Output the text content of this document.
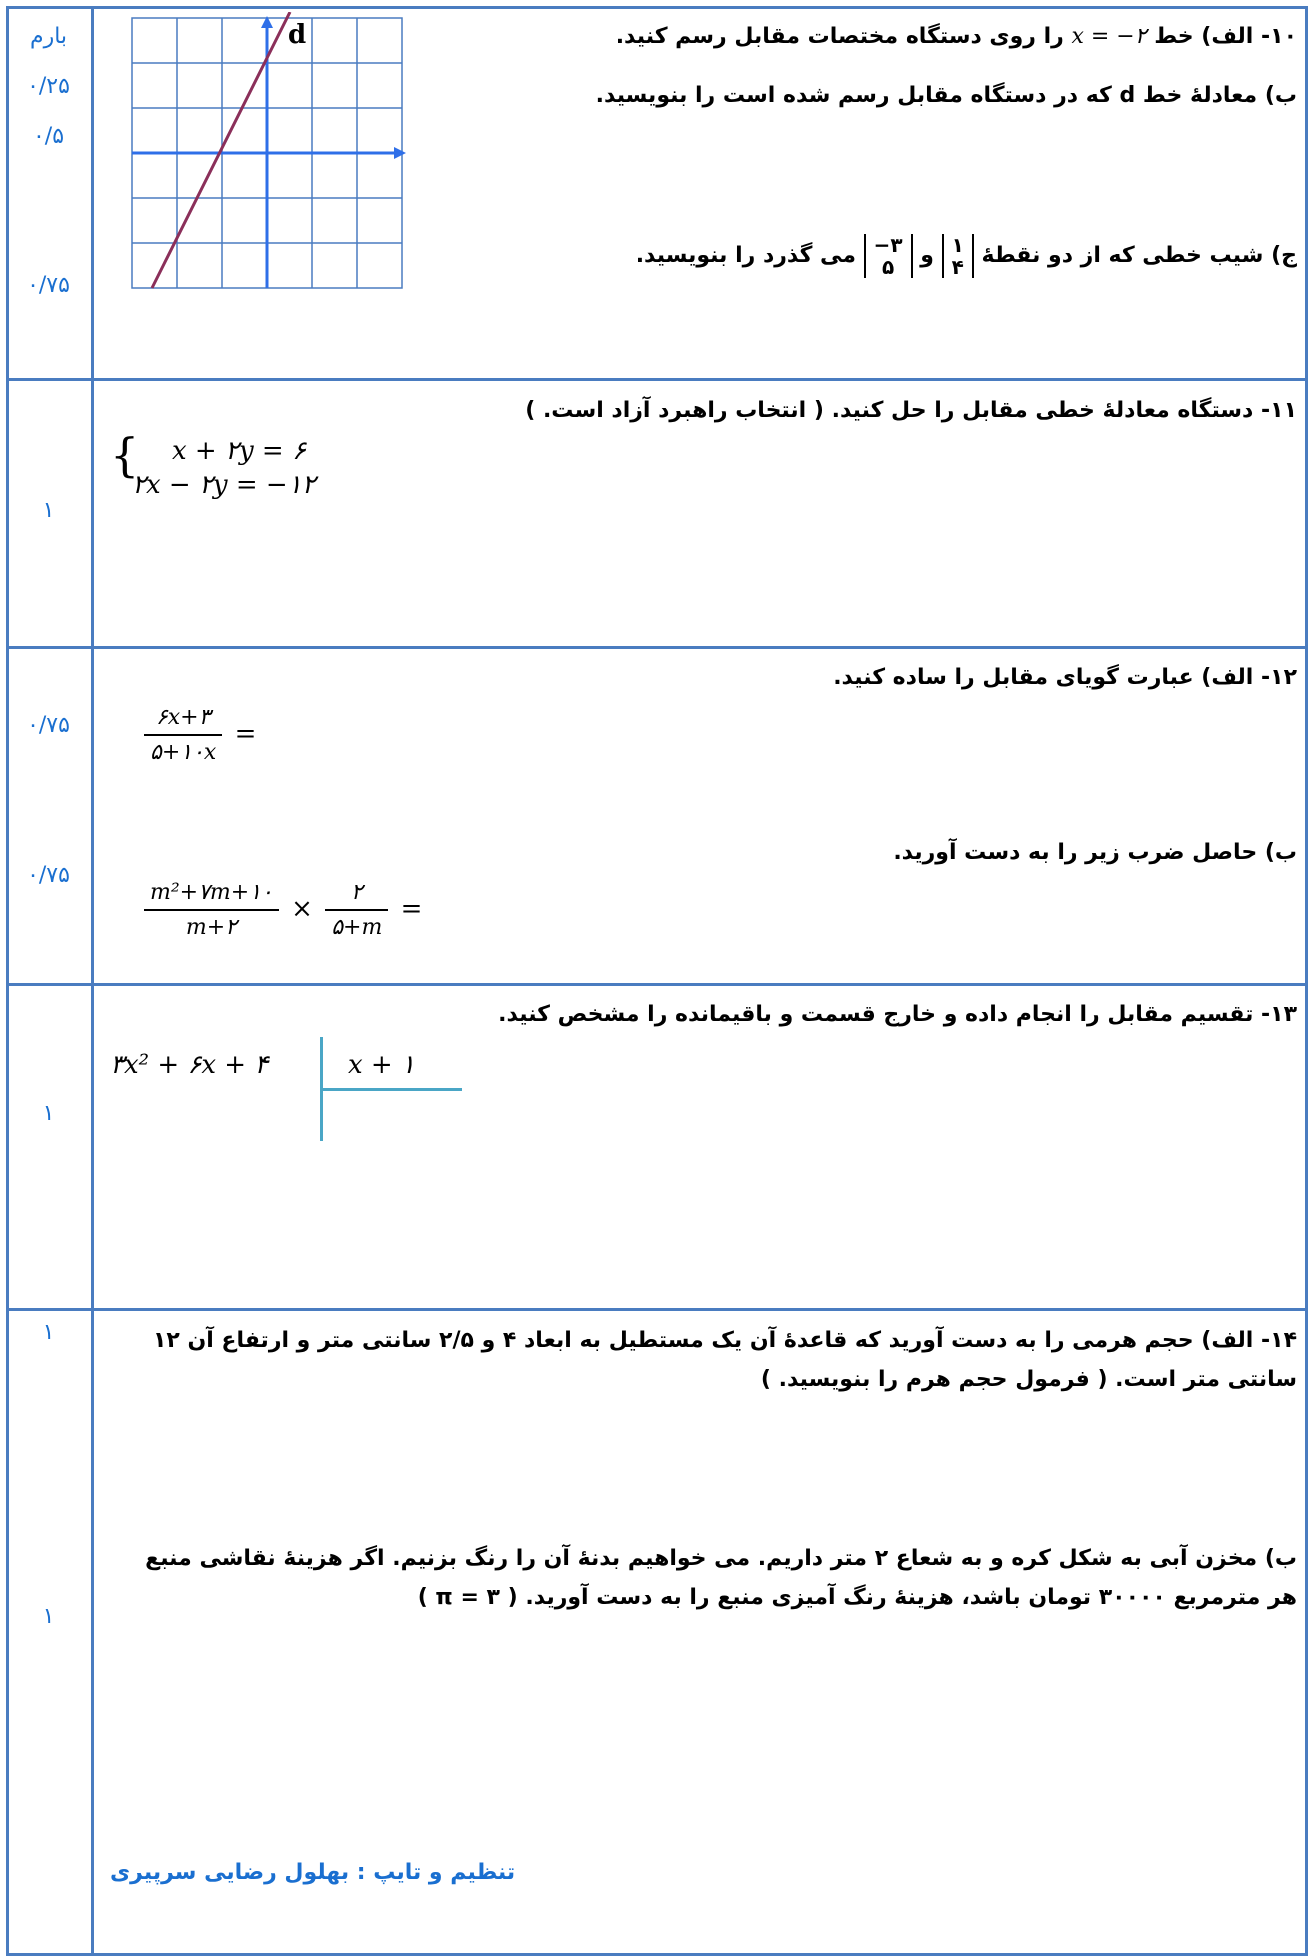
بارم
۰/۲۵
۰/۵
۰/۷۵
۱
۰/۷۵
۰/۷۵
۱
۱
۱
d	۱۰- الف) خط 𝑥 = −۲ را روی دستگاه مختصات مقابل رسم کنید.
ب) معادلۀ خط d که در دستگاه مقابل رسم شده است را بنویسید.
ج) شیب خطی که از دو نقطۀ ۱
۴ و −۳
۵ می گذرد را بنویسید.
۱۱- دستگاه معادلۀ خطی مقابل را حل کنید. ( انتخاب راهبرد آزاد است. )
{ 𝑥 + ۲𝑦 = ۶
۲𝑥 − ۲𝑦 = −۱۲
۱۲- الف) عبارت گویای مقابل را ساده کنید.
$\frac{\text{۶𝑥+۳}}{\text{۵+۱۰𝑥}}$ =
ب) حاصل ضرب زیر را به دست آورید.
$\frac{\text{𝑚²+۷𝑚+۱۰}}{\text{𝑚+۲}} \times \frac{۲}{\text{۵+𝑚}}$ =
۱۳- تقسیم مقابل را انجام داده و خارج قسمت و باقیمانده را مشخص کنید.
۳𝑥² + ۶𝑥 + ۴	𝑥 + ۱
۱۴- الف) حجم هرمی را به دست آورید که قاعدۀ آن یک مستطیل به ابعاد ۴ و ۲/۵ سانتی متر و ارتفاع آن ۱۲ سانتی متر است. ( فرمول حجم هرم را بنویسید. )
ب) مخزن آبی به شکل کره و به شعاع ۲ متر داریم. می خواهیم بدنۀ آن را رنگ بزنیم. اگر هزینۀ نقاشی منبع هر مترمربع ۳۰۰۰۰ تومان باشد، هزینۀ رنگ آمیزی منبع را به دست آورید. ( π = ۳ )
تنظیم و تایپ : بهلول رضایی سرپیری
